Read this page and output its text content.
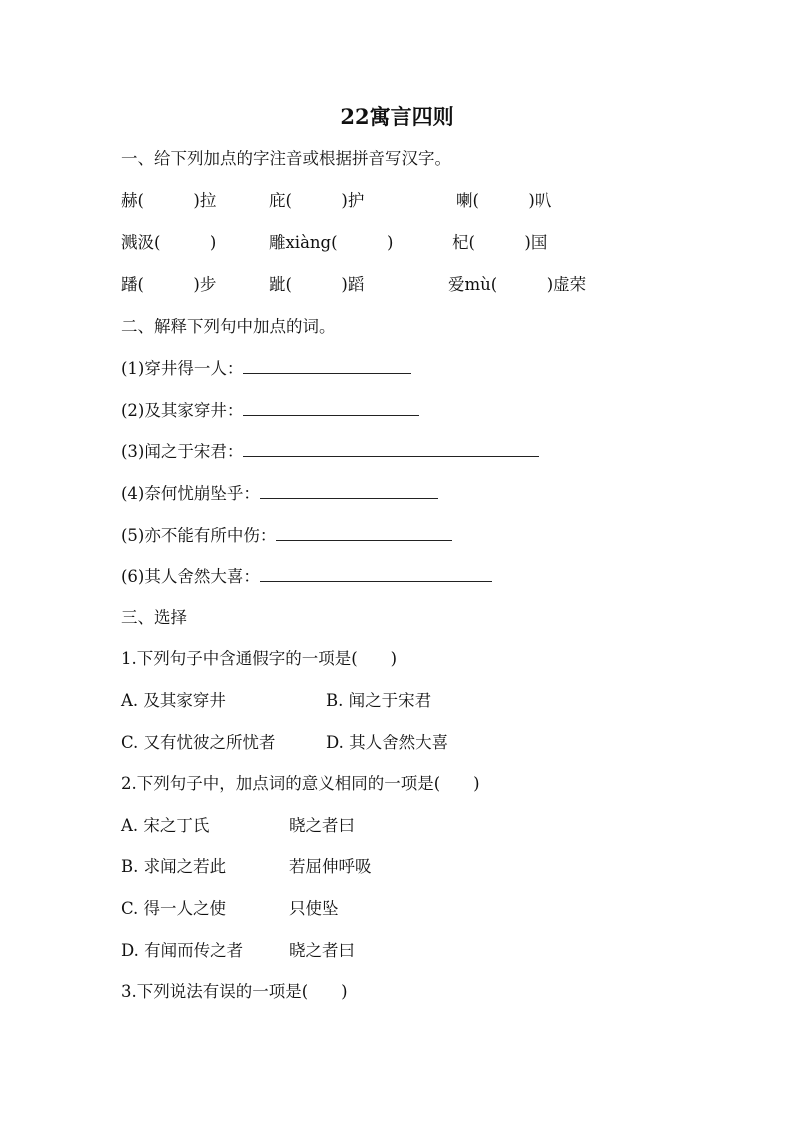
22寓言四则
一、给下列加点的字注音或根据拼音写汉字。
赫(　　　)拉	庇(　　　)护	喇(　　　)叭
溅汲(　　　)	雕xiàng(　　　)	杞(　　　)国
蹯(　　　)步	跐(　　　)蹈	爱mù(　　　)虚荣
二、解释下列句中加点的词。
(1)穿井得一人：
(2)及其家穿井：
(3)闻之于宋君：
(4)奈何忧崩坠乎：
(5)亦不能有所中伤：
(6)其人舍然大喜：
三、选择
1.下列句子中含通假字的一项是(　　)
A. 及其家穿井	B. 闻之于宋君
C. 又有忧彼之所忧者	D. 其人舍然大喜
2.下列句子中，加点词的意义相同的一项是(　　)
A. 宋之丁氏	晓之者曰
B. 求闻之若此	若屈伸呼吸
C. 得一人之使	只使坠
D. 有闻而传之者	晓之者曰
3.下列说法有误的一项是(　　)
